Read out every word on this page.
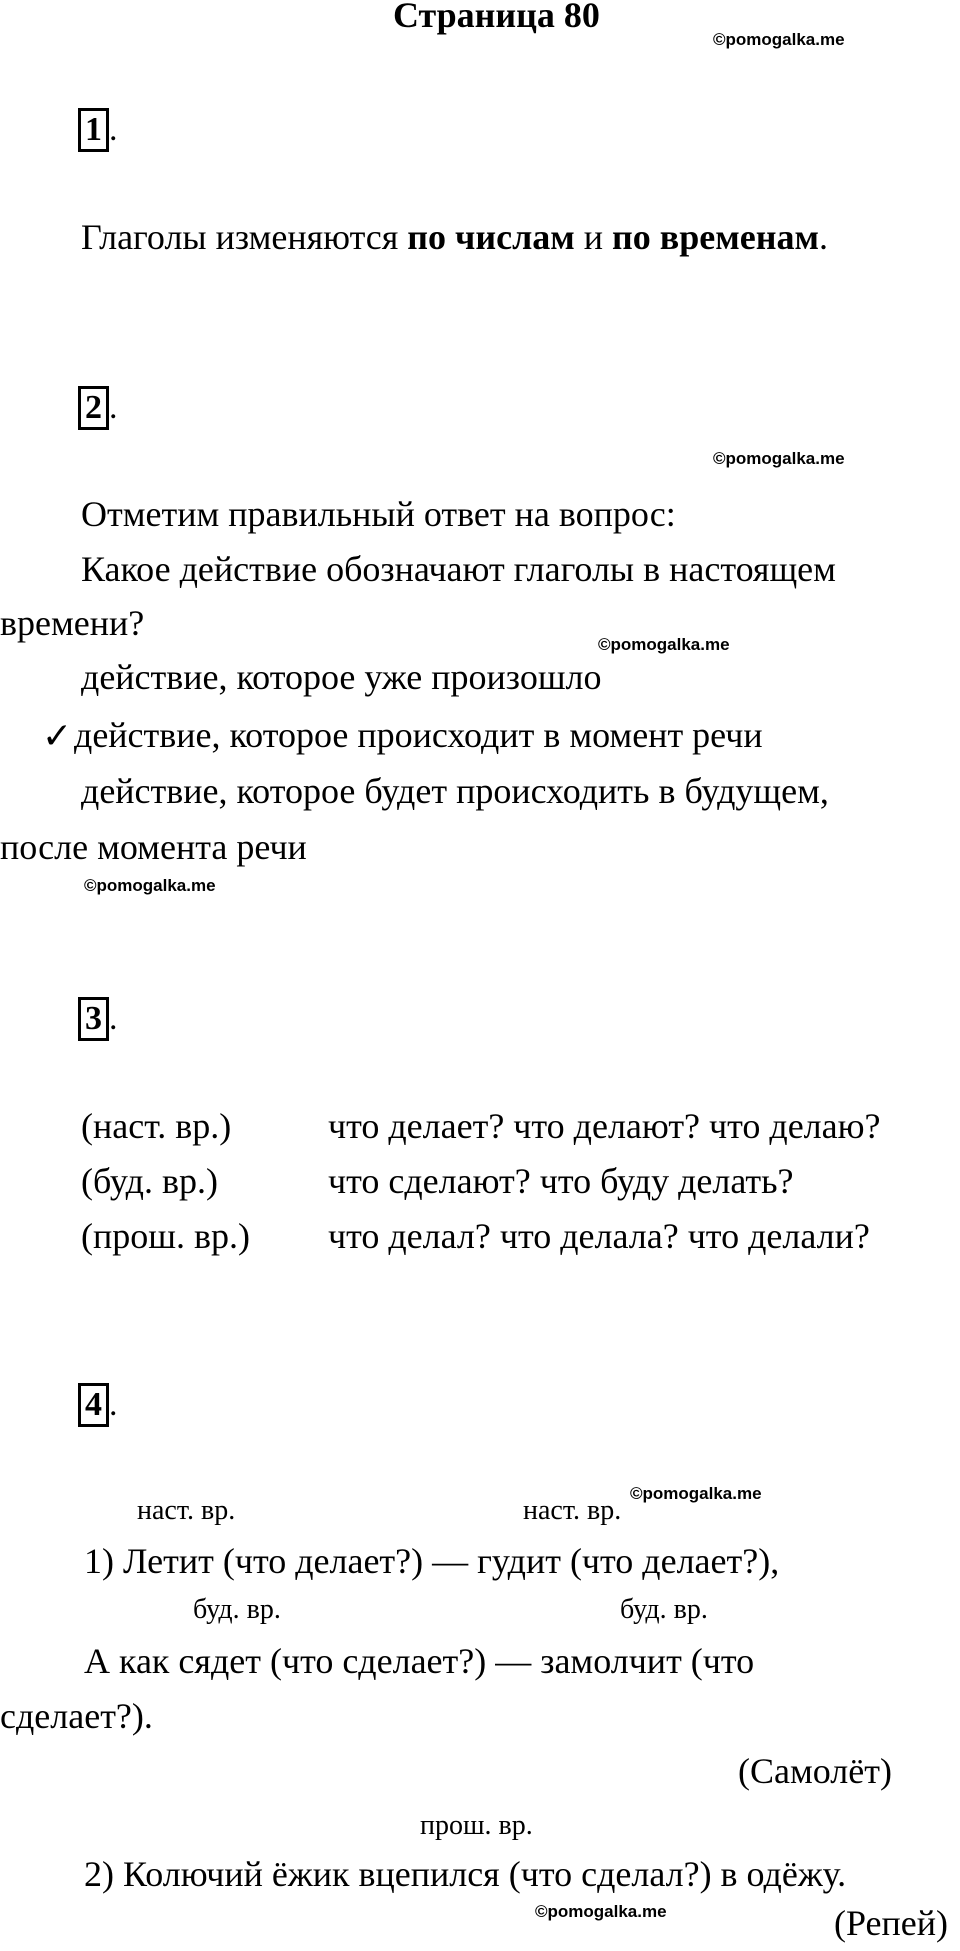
Страница 80
©pomogalka.me
1 .
Глаголы изменяются по числам и по временам.
2 .
©pomogalka.me
Отметим правильный ответ на вопрос:
Какое действие обозначают глаголы в настоящем
времени?
©pomogalka.me
действие, которое уже произошло
✓ действие, которое происходит в момент речи
действие, которое будет происходить в будущем,
после момента речи
©pomogalka.me
3 .
(наст. вр.)	что делает? что делают? что делаю?
(буд. вр.)	что сделают? что буду делать?
(прош. вр.) что делал? что делала? что делали?
4 .
©pomogalka.me
наст. вр.	наст. вр.
1) Летит (что делает?) — гудит (что делает?),
буд. вр.	буд. вр.
А как сядет (что сделает?) — замолчит (что
сделает?).
(Самолёт)
прош. вр.
2) Колючий ёжик вцепился (что сделал?) в одёжу.
©pomogalka.me	(Репей)
